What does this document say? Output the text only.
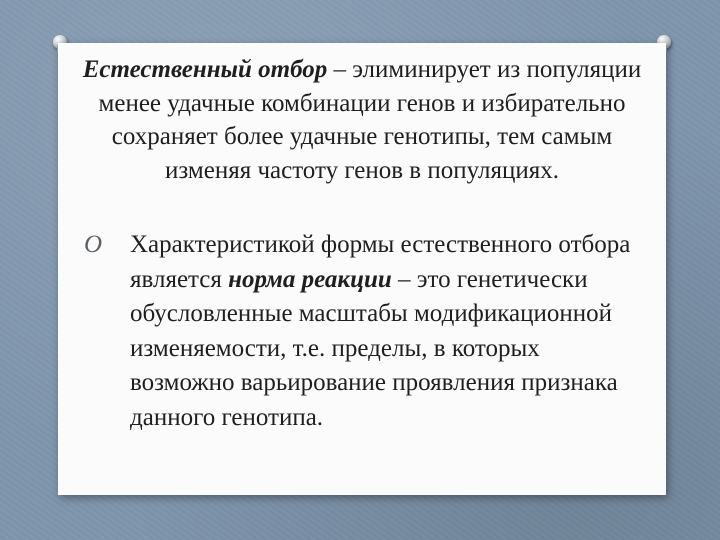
Естественный отбор – элиминирует из популяции менее удачные комбинации генов и избирательно сохраняет более удачные генотипы, тем самым изменяя частоту генов в популяциях.

O	Характеристикой формы естественного отбора является норма реакции – это генетически обусловленные масштабы модификационной изменяемости, т.е. пределы, в которых возможно варьирование проявления признака данного генотипа.
